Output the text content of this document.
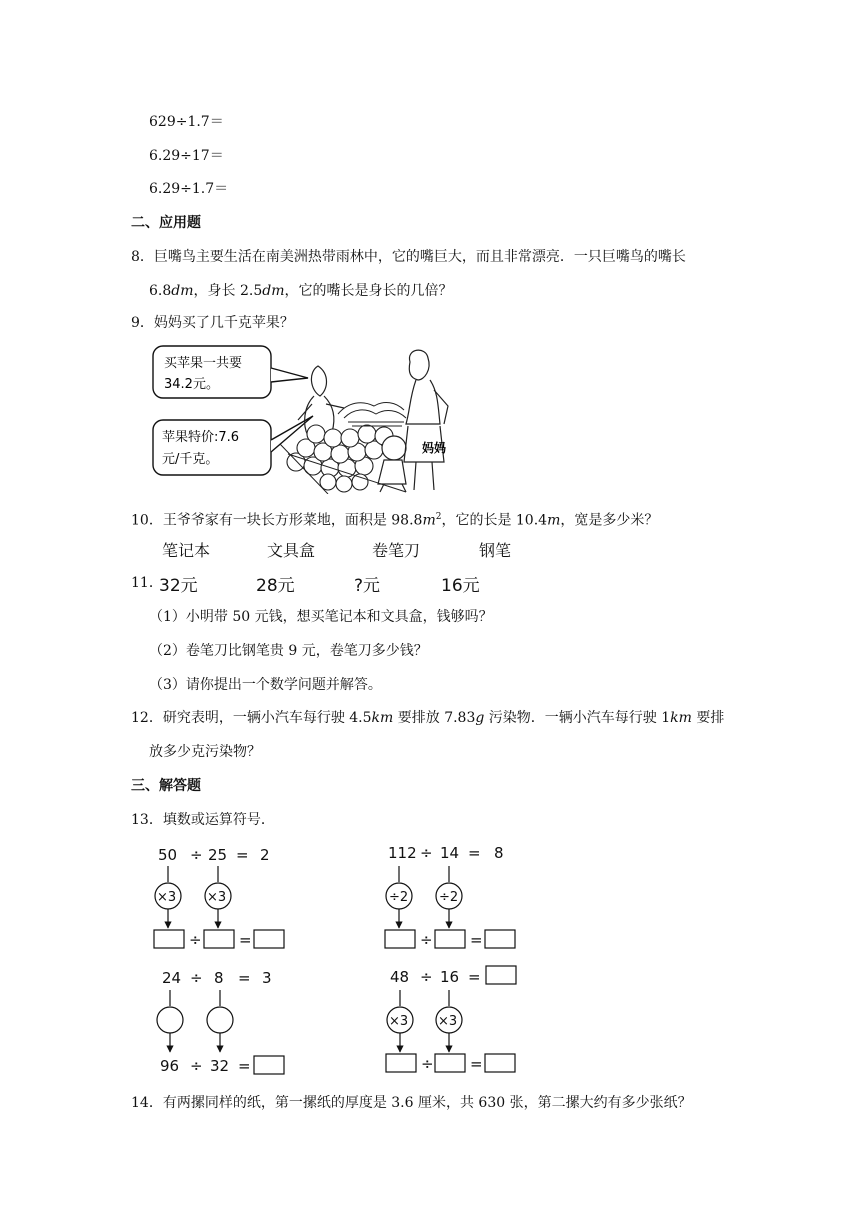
629÷1.7＝
6.29÷17＝
6.29÷1.7＝
二、应用题
8．巨嘴鸟主要生活在南美洲热带雨林中，它的嘴巨大，而且非常漂亮．一只巨嘴鸟的嘴长
6.8dm，身长 2.5dm，它的嘴长是身长的几倍？
9．妈妈买了几千克苹果？
买苹果一共要
34.2元。
苹果特价:7.6
元/千克。
妈妈
10．王爷爷家有一块长方形菜地，面积是 $98.8m^2$，它的长是 10.4m，宽是多少米？
笔记本	文具盒	卷笔刀	钢笔
11．
32元	28元	?元	16元
（1）小明带 50 元钱，想买笔记本和文具盒，钱够吗？
（2）卷笔刀比钢笔贵 9 元，卷笔刀多少钱？
（3）请你提出一个数学问题并解答。
12．研究表明，一辆小汽车每行驶 4.5km 要排放 7.83g 污染物．一辆小汽车每行驶 1km 要排
放多少克污染物？
三、解答题
13．填数或运算符号．
50 ÷ 25 = 2
×3 ×3
÷ =
112 ÷ 14 = 8
÷2 ÷2
÷ =
24 ÷ 8 = 3
96 ÷ 32 =
48 ÷ 16 =
×3 ×3
÷ =
14．有两摞同样的纸，第一摞纸的厚度是 3.6 厘米，共 630 张，第二摞大约有多少张纸？
